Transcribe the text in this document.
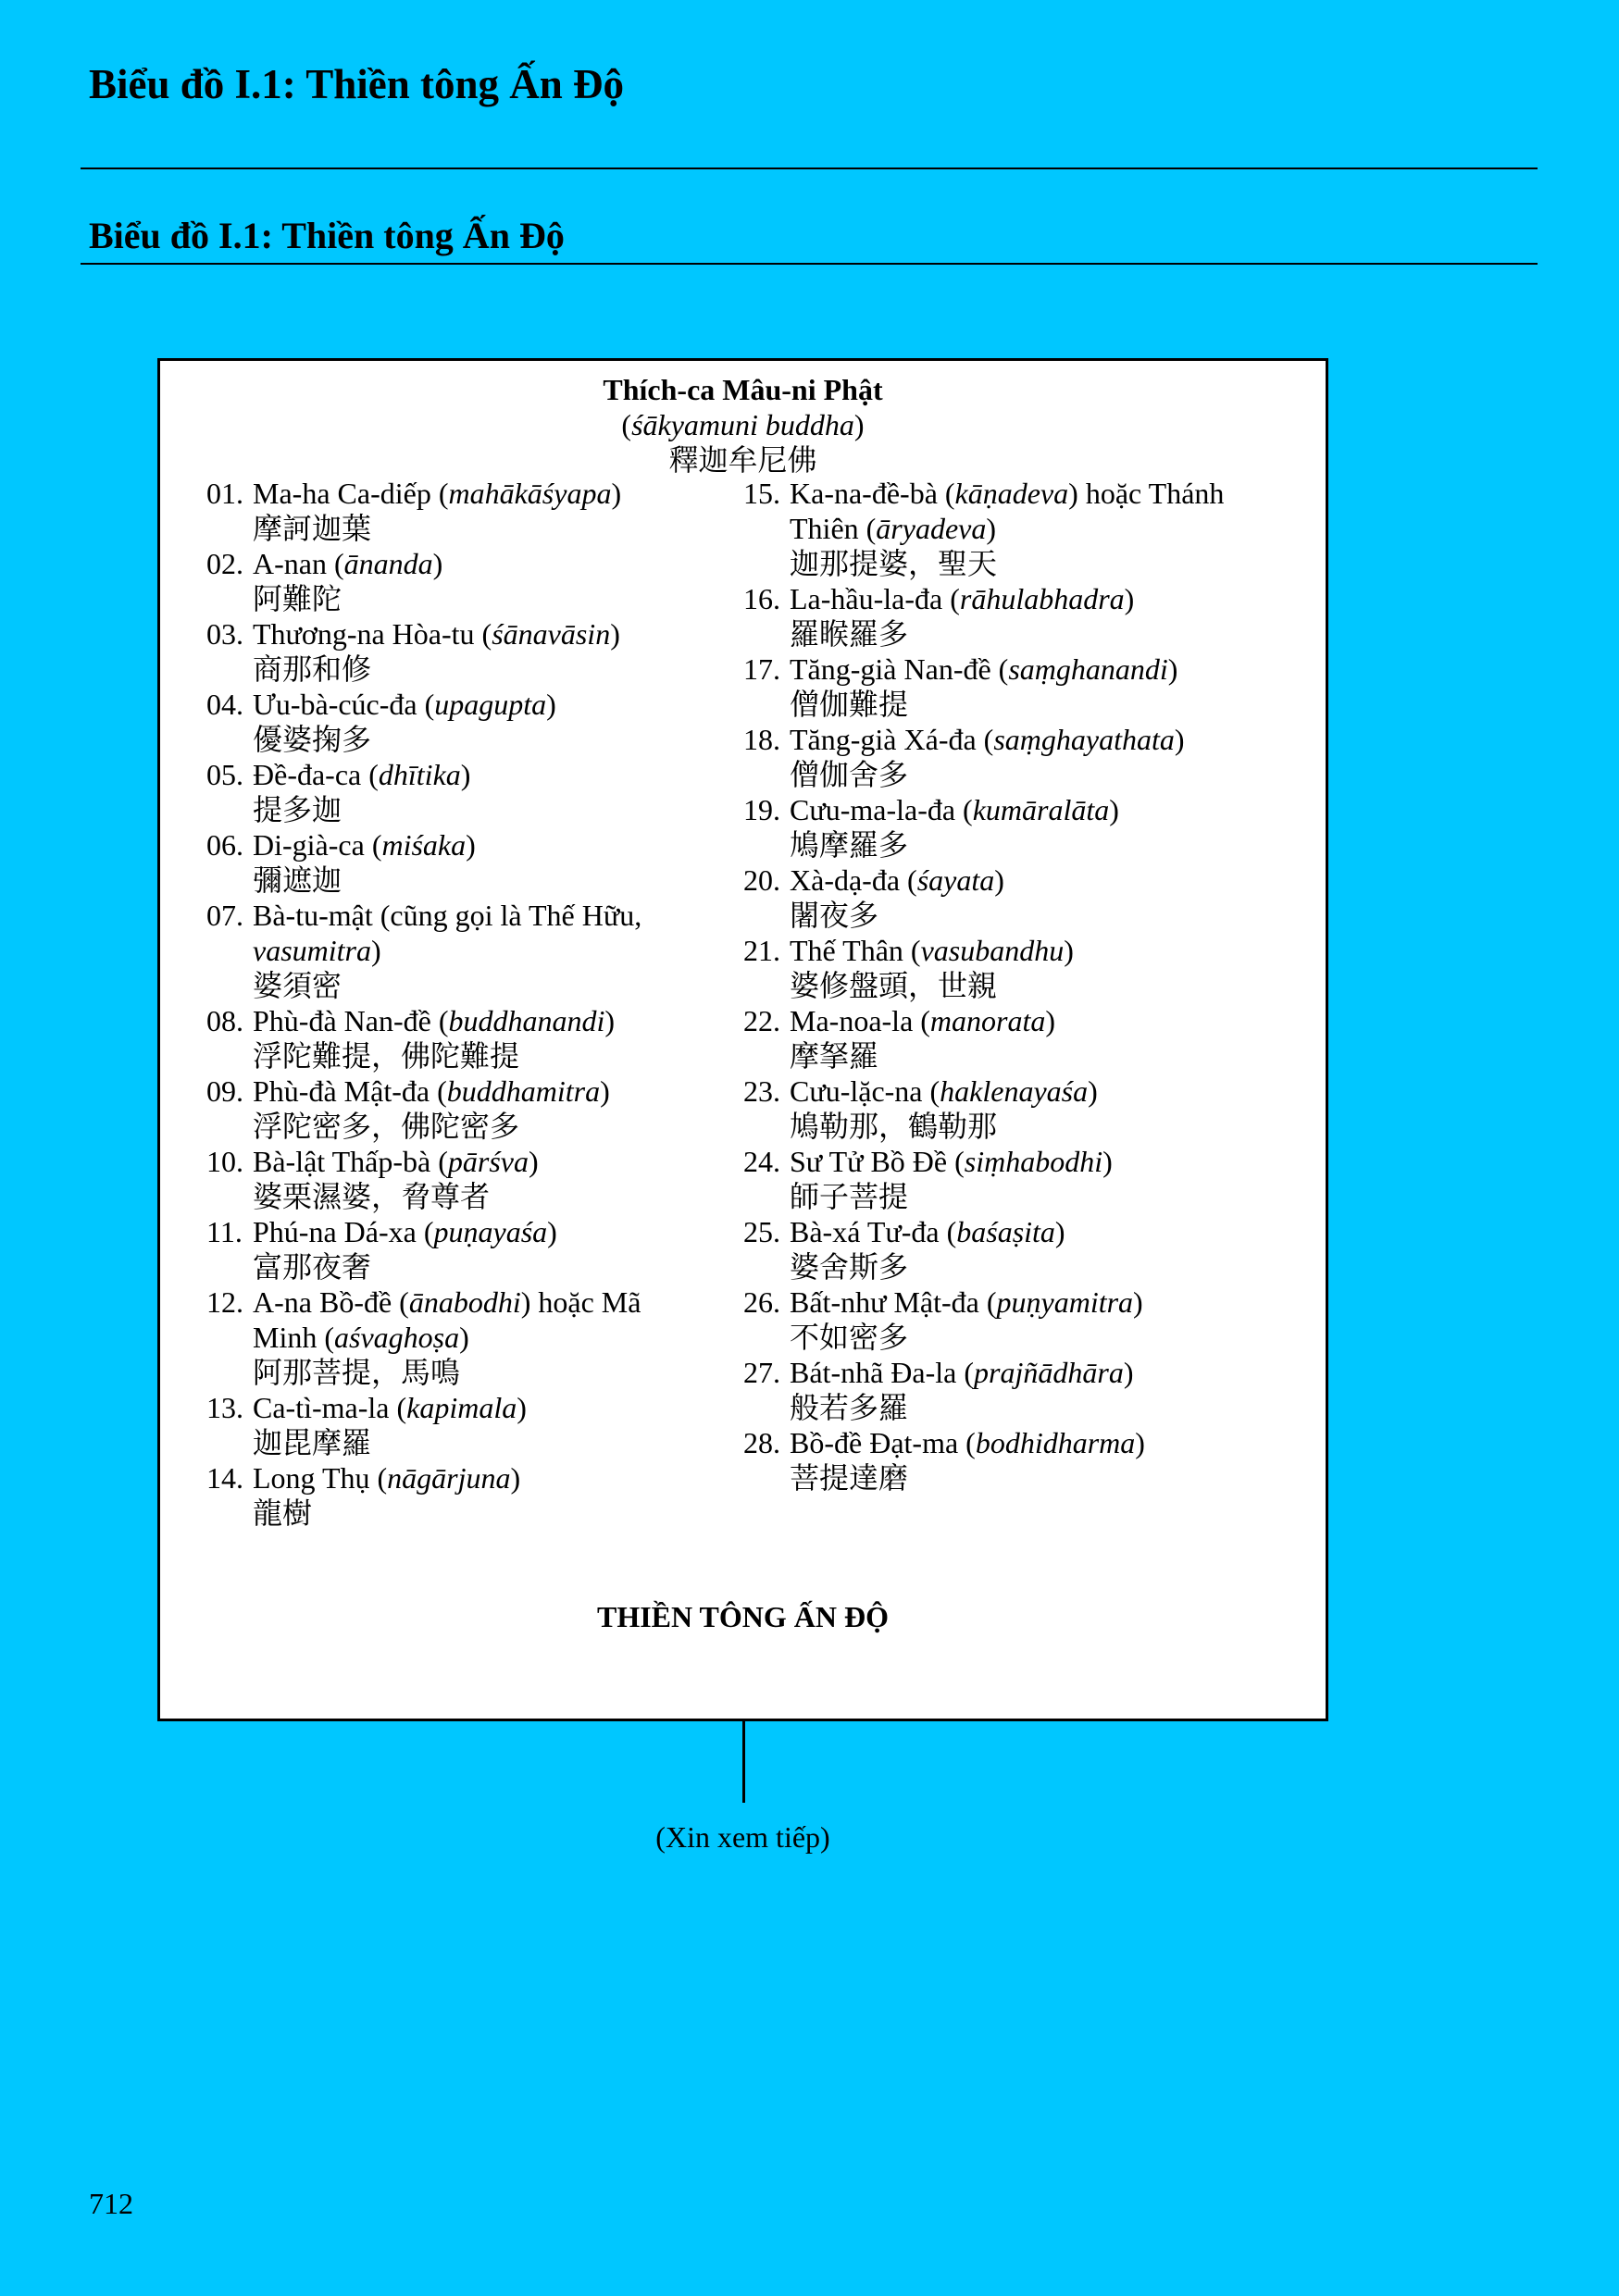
Biểu đồ I.1: Thiền tông Ấn Độ
Biểu đồ I.1: Thiền tông Ấn Độ
Thích-ca Mâu-ni Phật
(śākyamuni buddha)
釋迦牟尼佛
01. Ma-ha Ca-diếp (mahākāśyapa)
摩訶迦葉
02. A-nan (ānanda)
阿難陀
03. Thương-na Hòa-tu (śānavāsin)
商那和修
04. Ưu-bà-cúc-đa (upagupta)
優婆掬多
05. Đề-đa-ca (dhītika)
提多迦
06. Di-già-ca (miśaka)
彌遮迦
07. Bà-tu-mật (cũng gọi là Thế Hữu,
vasumitra)
婆須密
08. Phù-đà Nan-đề (buddhanandi)
浮陀難提，佛陀難提
09. Phù-đà Mật-đa (buddhamitra)
浮陀密多，佛陀密多
10. Bà-lật Thấp-bà (pārśva)
婆栗濕婆，脅尊者
11. Phú-na Dá-xa (puṇayaśa)
富那夜奢
12. A-na Bồ-đề (ānabodhi) hoặc Mã
Minh (aśvaghoṣa)
阿那菩提，馬鳴
13. Ca-tì-ma-la (kapimala)
迦毘摩羅
14. Long Thụ (nāgārjuna)
龍樹
15. Ka-na-đề-bà (kāṇadeva) hoặc Thánh
Thiên (āryadeva)
迦那提婆，聖天
16. La-hầu-la-đa (rāhulabhadra)
羅睺羅多
17. Tăng-già Nan-đề (saṃghanandi)
僧伽難提
18. Tăng-già Xá-đa (saṃghayathata)
僧伽舍多
19. Cưu-ma-la-đa (kumāralāta)
鳩摩羅多
20. Xà-dạ-đa (śayata)
闍夜多
21. Thế Thân (vasubandhu)
婆修盤頭，世親
22. Ma-noa-la (manorata)
摩拏羅
23. Cưu-lặc-na (haklenayaśa)
鳩勒那，鶴勒那
24. Sư Tử Bồ Đề (siṃhabodhi)
師子菩提
25. Bà-xá Tư-đa (baśaṣita)
婆舍斯多
26. Bất-như Mật-đa (puṇyamitra)
不如密多
27. Bát-nhã Đa-la (prajñādhāra)
般若多羅
28. Bồ-đề Đạt-ma (bodhidharma)
菩提達磨
THIỀN TÔNG ẤN ĐỘ
(Xin xem tiếp)
712
